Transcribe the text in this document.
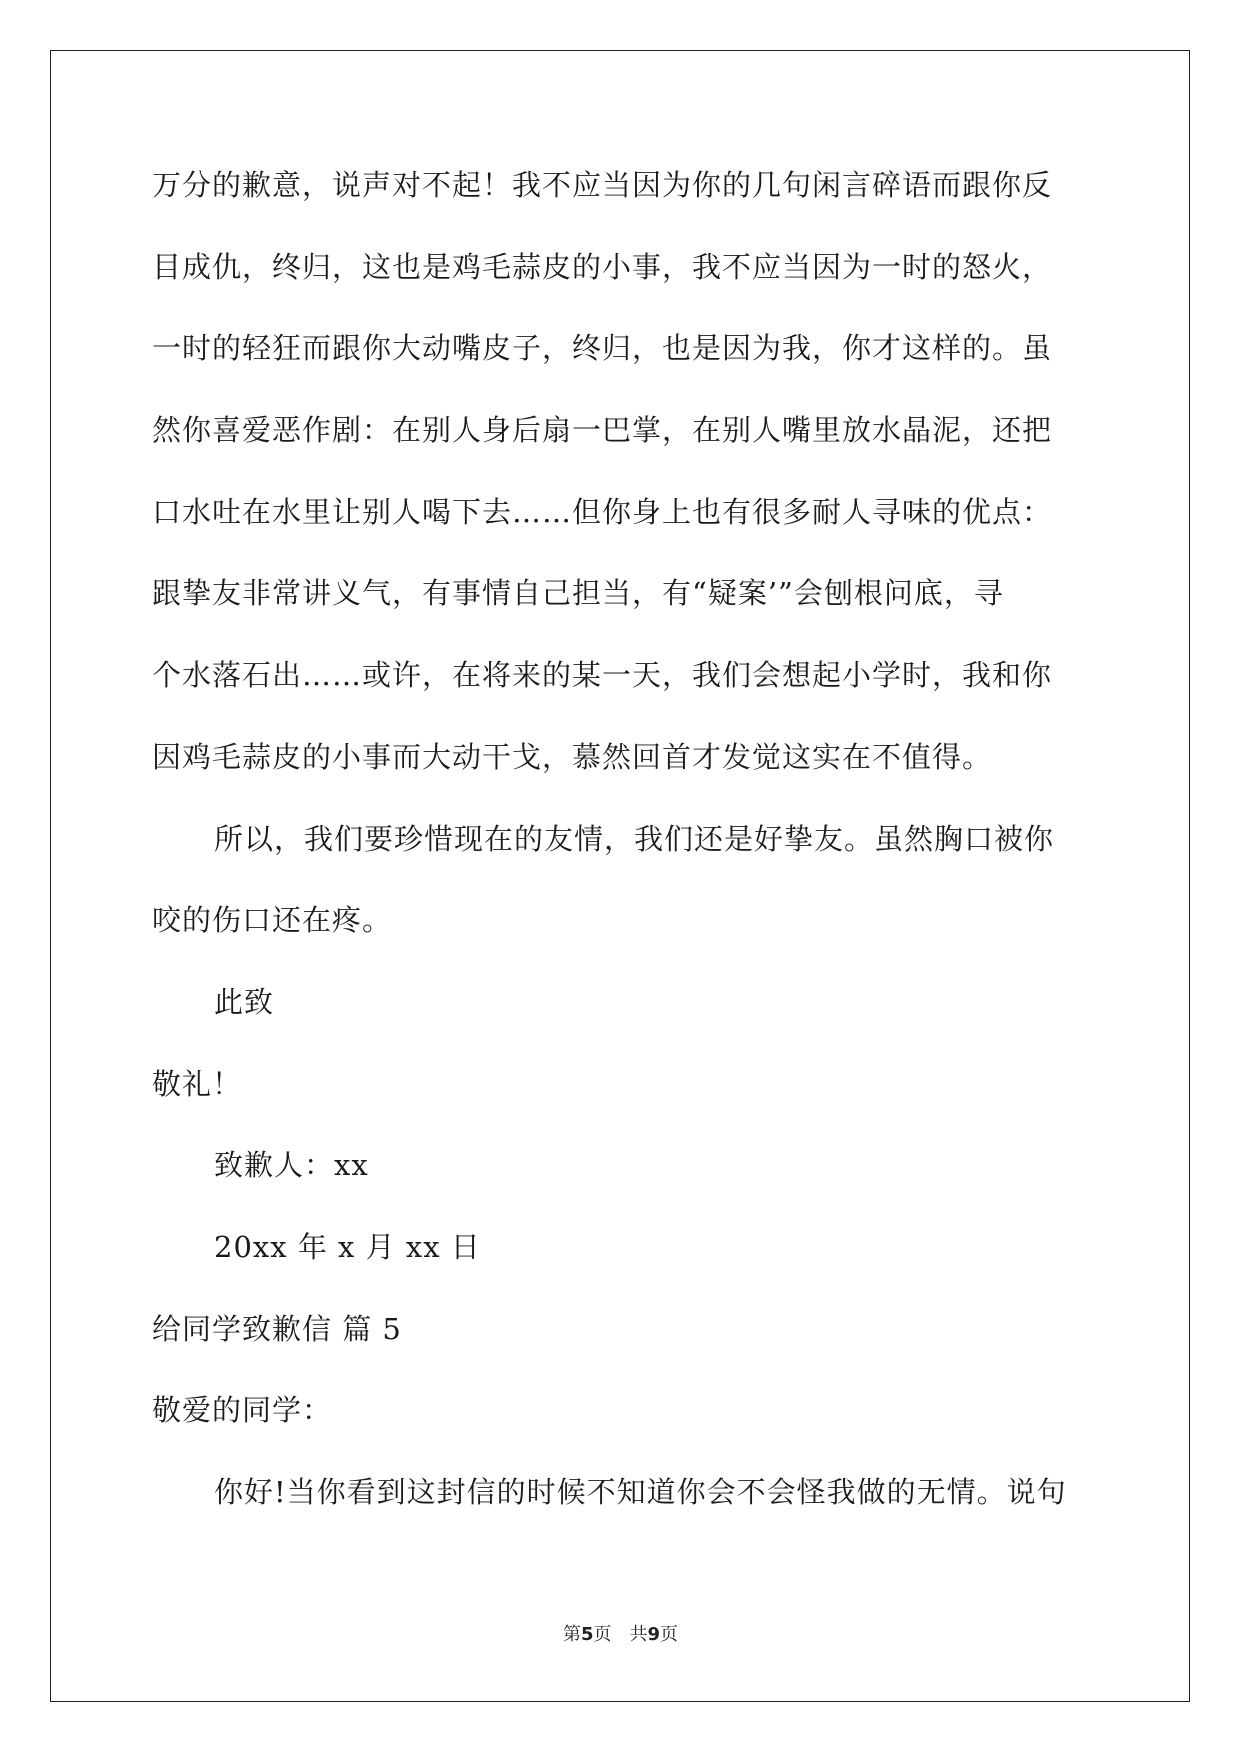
万分的歉意，说声对不起！我不应当因为你的几句闲言碎语而跟你反
目成仇，终归，这也是鸡毛蒜皮的小事，我不应当因为一时的怒火，
一时的轻狂而跟你大动嘴皮子，终归，也是因为我，你才这样的。虽
然你喜爱恶作剧：在别人身后扇一巴掌，在别人嘴里放水晶泥，还把
口水吐在水里让别人喝下去……但你身上也有很多耐人寻味的优点：
跟挚友非常讲义气，有事情自己担当，有“疑案’”会刨根问底，寻
个水落石出……或许，在将来的某一天，我们会想起小学时，我和你
因鸡毛蒜皮的小事而大动干戈，慕然回首才发觉这实在不值得。
所以，我们要珍惜现在的友情，我们还是好挚友。虽然胸口被你
咬的伤口还在疼。
此致
敬礼！
致歉人：xx
20xx 年 x 月 xx 日
给同学致歉信 篇 5
敬爱的同学：
你好!当你看到这封信的时候不知道你会不会怪我做的无情。说句
第5页 共9页
